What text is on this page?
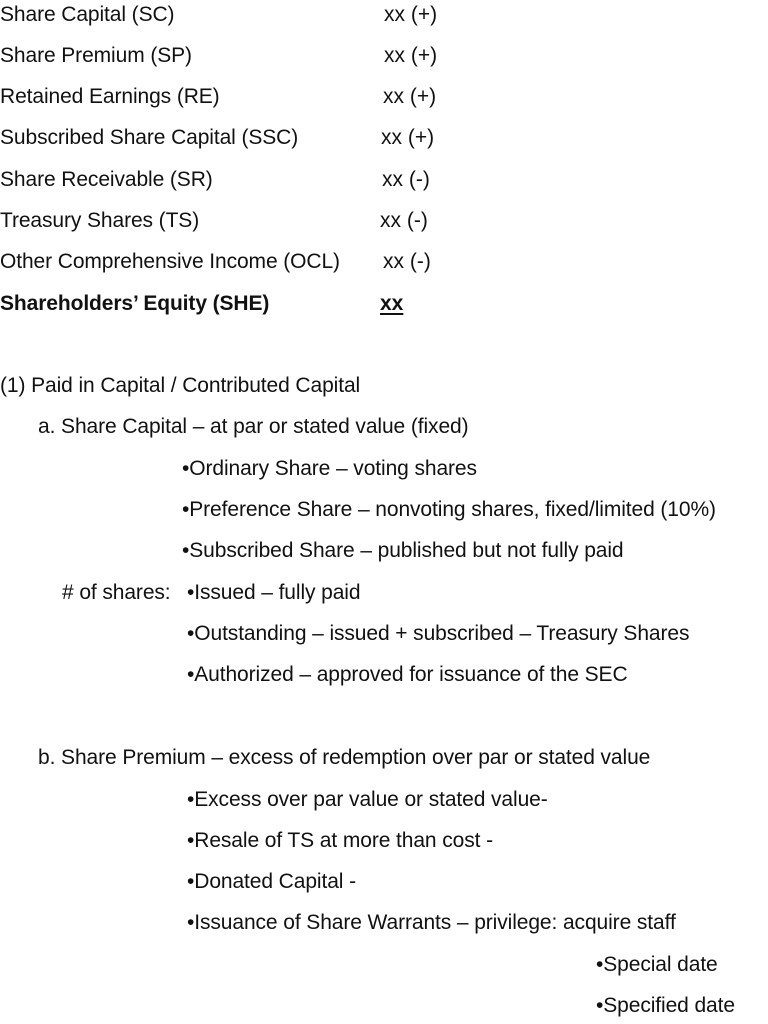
Share Capital (SC)	xx (+)
Share Premium (SP)	xx (+)
Retained Earnings (RE)	xx (+)
Subscribed Share Capital (SSC)	xx (+)
Share Receivable (SR)	xx (-)
Treasury Shares (TS)	xx (-)
Other Comprehensive Income (OCL) xx (-)
Shareholders’ Equity (SHE)	xx
(1) Paid in Capital / Contributed Capital
a. Share Capital – at par or stated value (fixed)
•Ordinary Share – voting shares
•Preference Share – nonvoting shares, fixed/limited (10%)
•Subscribed Share – published but not fully paid
# of shares: •Issued – fully paid
•Outstanding – issued + subscribed – Treasury Shares
•Authorized – approved for issuance of the SEC
b. Share Premium – excess of redemption over par or stated value
•Excess over par value or stated value-
•Resale of TS at more than cost -
•Donated Capital -
•Issuance of Share Warrants – privilege: acquire staff
•Special date
•Specified date
